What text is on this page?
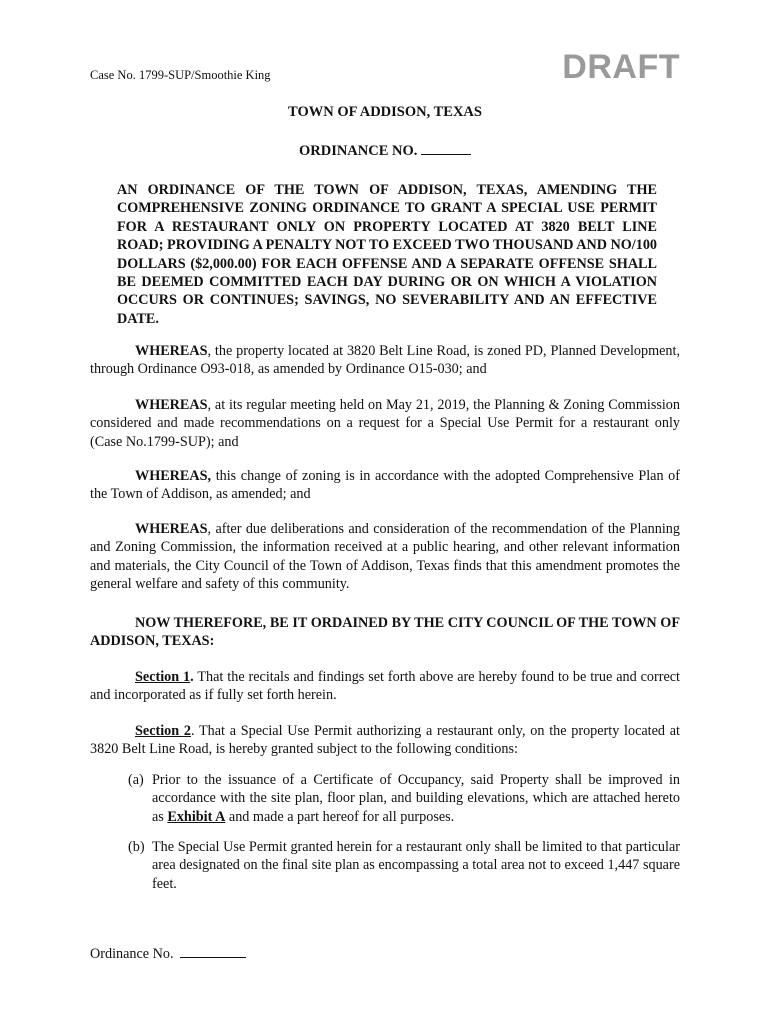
Case No. 1799-SUP/Smoothie King	DRAFT
TOWN OF ADDISON, TEXAS
ORDINANCE NO.
AN ORDINANCE OF THE TOWN OF ADDISON, TEXAS, AMENDING THE COMPREHENSIVE ZONING ORDINANCE TO GRANT A SPECIAL USE PERMIT FOR A RESTAURANT ONLY ON PROPERTY LOCATED AT 3820 BELT LINE ROAD; PROVIDING A PENALTY NOT TO EXCEED TWO THOUSAND AND NO/100 DOLLARS ($2,000.00) FOR EACH OFFENSE AND A SEPARATE OFFENSE SHALL BE DEEMED COMMITTED EACH DAY DURING OR ON WHICH A VIOLATION OCCURS OR CONTINUES; SAVINGS, NO SEVERABILITY AND AN EFFECTIVE DATE.
WHEREAS, the property located at 3820 Belt Line Road, is zoned PD, Planned Development, through Ordinance O93-018, as amended by Ordinance O15-030; and
WHEREAS, at its regular meeting held on May 21, 2019, the Planning & Zoning Commission considered and made recommendations on a request for a Special Use Permit for a restaurant only (Case No.1799-SUP); and
WHEREAS, this change of zoning is in accordance with the adopted Comprehensive Plan of the Town of Addison, as amended; and
WHEREAS, after due deliberations and consideration of the recommendation of the Planning and Zoning Commission, the information received at a public hearing, and other relevant information and materials, the City Council of the Town of Addison, Texas finds that this amendment promotes the general welfare and safety of this community.
NOW THEREFORE, BE IT ORDAINED BY THE CITY COUNCIL OF THE TOWN OF ADDISON, TEXAS:
Section 1. That the recitals and findings set forth above are hereby found to be true and correct and incorporated as if fully set forth herein.
Section 2. That a Special Use Permit authorizing a restaurant only, on the property located at 3820 Belt Line Road, is hereby granted subject to the following conditions:
(a) Prior to the issuance of a Certificate of Occupancy, said Property shall be improved in accordance with the site plan, floor plan, and building elevations, which are attached hereto as Exhibit A and made a part hereof for all purposes.
(b) The Special Use Permit granted herein for a restaurant only shall be limited to that particular area designated on the final site plan as encompassing a total area not to exceed 1,447 square feet.
Ordinance No.
